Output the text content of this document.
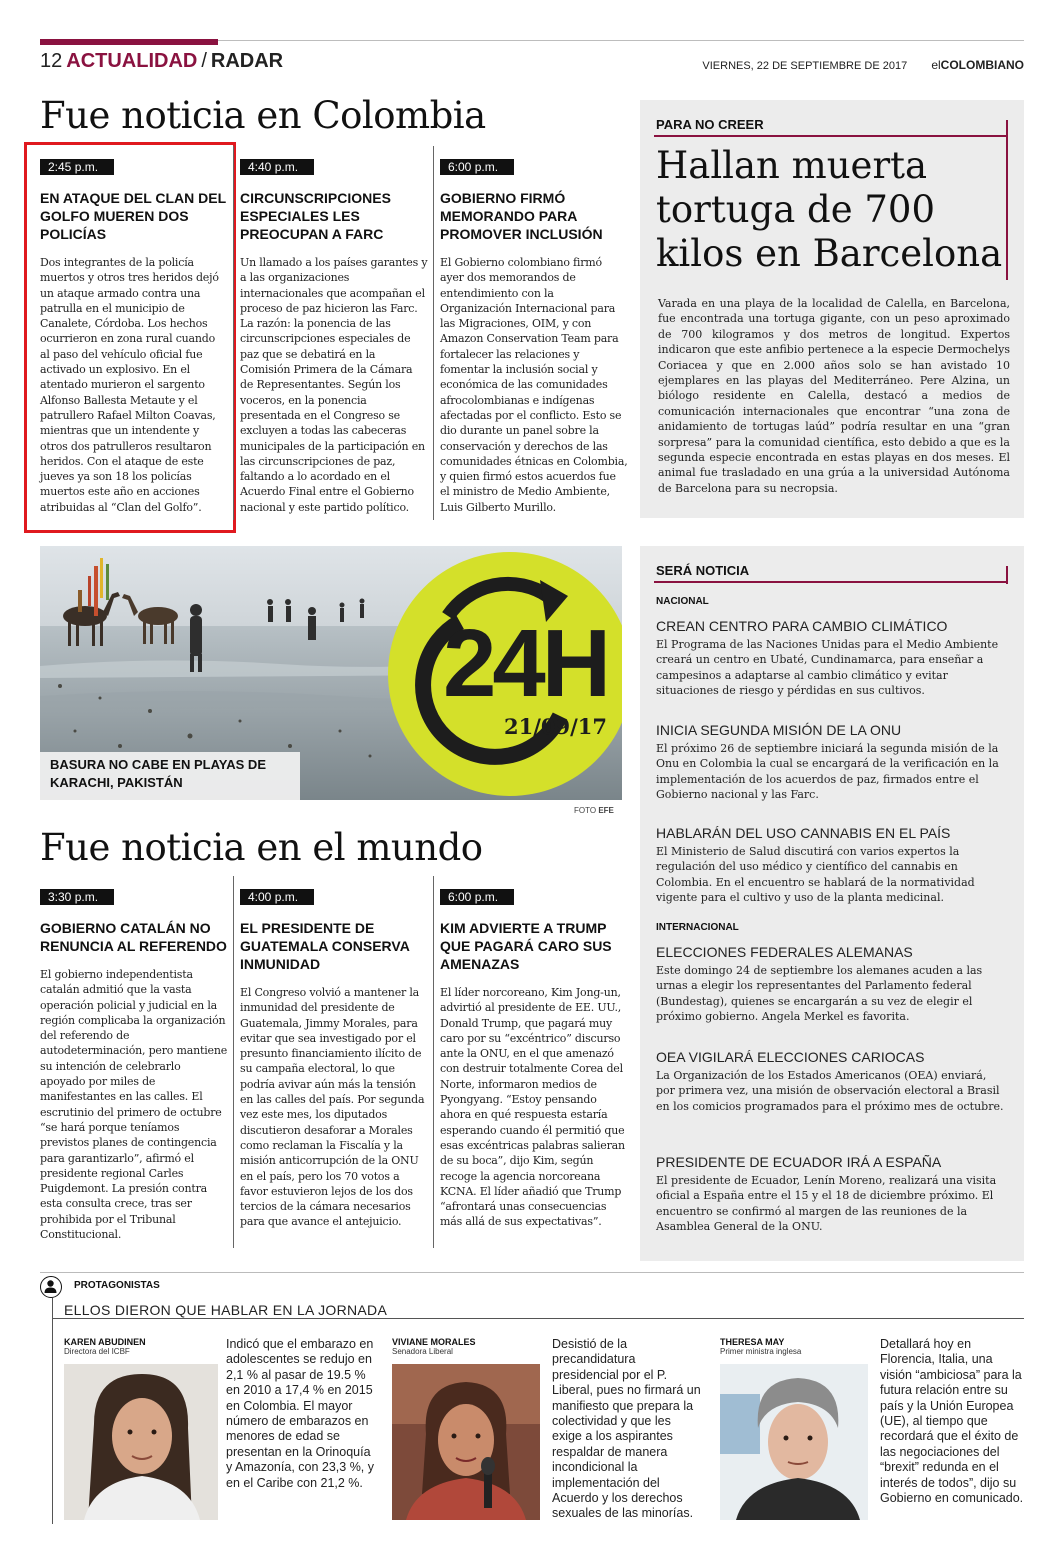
12 ACTUALIDAD / RADAR	VIERNES, 22 DE SEPTIEMBRE DE 2017 elCOLOMBIANO
Fue noticia en Colombia
2:45 p.m.
EN ATAQUE DEL CLAN DEL GOLFO MUEREN DOS POLICÍAS
Dos integrantes de la policía muertos y otros tres heridos dejó un ataque armado contra una patrulla en el municipio de Canalete, Córdoba. Los hechos ocurrieron en zona rural cuando al paso del vehículo oficial fue activado un explosivo. En el atentado murieron el sargento Alfonso Ballesta Metaute y el patrullero Rafael Milton Coavas, mientras que un intendente y otros dos patrulleros resultaron heridos. Con el ataque de este jueves ya son 18 los policías muertos este año en acciones atribuidas al “Clan del Golfo”.
4:40 p.m.
CIRCUNSCRIPCIONES ESPECIALES LES PREOCUPAN A FARC
Un llamado a los países garantes y a las organizaciones internacionales que acompañan el proceso de paz hicieron las Farc. La razón: la ponencia de las circunscripciones especiales de paz que se debatirá en la Comisión Primera de la Cámara de Representantes. Según los voceros, en la ponencia presentada en el Congreso se excluyen a todas las cabeceras municipales de la participación en las circunscripciones de paz, faltando a lo acordado en el Acuerdo Final entre el Gobierno nacional y este partido político.
6:00 p.m.
GOBIERNO FIRMÓ MEMORANDO PARA PROMOVER INCLUSIÓN
El Gobierno colombiano firmó ayer dos memorandos de entendimiento con la Organización Internacional para las Migraciones, OIM, y con Amazon Conservation Team para fortalecer las relaciones y fomentar la inclusión social y económica de las comunidades afrocolombianas e indígenas afectadas por el conflicto. Esto se dio durante un panel sobre la conservación y derechos de las comunidades étnicas en Colombia, y quien firmó estos acuerdos fue el ministro de Medio Ambiente, Luis Gilberto Murillo.
PARA NO CREER
Hallan muerta tortuga de 700 kilos en Barcelona
Varada en una playa de la localidad de Calella, en Barcelona, fue encontrada una tortuga gigante, con un peso aproximado de 700 kilogramos y dos metros de longitud. Expertos indicaron que este anfibio pertenece a la especie Dermochelys Coriacea y que en 2.000 años solo se han avistado 10 ejemplares en las playas del Mediterráneo. Pere Alzina, un biólogo residente en Calella, destacó a medios de comunicación internacionales que encontrar “una zona de anidamiento de tortugas laúd” podría resultar en una “gran sorpresa” para la comunidad científica, esto debido a que es la segunda especie encontrada en estas playas en dos meses. El animal fue trasladado en una grúa a la universidad Autónoma de Barcelona para su necropsia.
24H
21/09/17
BASURA NO CABE EN PLAYAS DE KARACHI, PAKISTÁN
FOTO EFE
SERÁ NOTICIA
NACIONAL
CREAN CENTRO PARA CAMBIO CLIMÁTICO
El Programa de las Naciones Unidas para el Medio Ambiente creará un centro en Ubaté, Cundinamarca, para enseñar a campesinos a adaptarse al cambio climático y evitar situaciones de riesgo y pérdidas en sus cultivos.
INICIA SEGUNDA MISIÓN DE LA ONU
El próximo 26 de septiembre iniciará la segunda misión de la Onu en Colombia la cual se encargará de la verificación en la implementación de los acuerdos de paz, firmados entre el Gobierno nacional y las Farc.
HABLARÁN DEL USO CANNABIS EN EL PAÍS
El Ministerio de Salud discutirá con varios expertos la regulación del uso médico y científico del cannabis en Colombia. En el encuentro se hablará de la normatividad vigente para el cultivo y uso de la planta medicinal.
INTERNACIONAL
ELECCIONES FEDERALES ALEMANAS
Este domingo 24 de septiembre los alemanes acuden a las urnas a elegir los representantes del Parlamento federal (Bundestag), quienes se encargarán a su vez de elegir el próximo gobierno. Angela Merkel es favorita.
OEA VIGILARÁ ELECCIONES CARIOCAS
La Organización de los Estados Americanos (OEA) enviará, por primera vez, una misión de observación electoral a Brasil en los comicios programados para el próximo mes de octubre.
PRESIDENTE DE ECUADOR IRÁ A ESPAÑA
El presidente de Ecuador, Lenín Moreno, realizará una visita oficial a España entre el 15 y el 18 de diciembre próximo. El encuentro se confirmó al margen de las reuniones de la Asamblea General de la ONU.
Fue noticia en el mundo
3:30 p.m.
GOBIERNO CATALÁN NO RENUNCIA AL REFERENDO
El gobierno independentista catalán admitió que la vasta operación policial y judicial en la región complicaba la organización del referendo de autodeterminación, pero mantiene su intención de celebrarlo apoyado por miles de manifestantes en las calles. El escrutinio del primero de octubre “se hará porque teníamos previstos planes de contingencia para garantizarlo”, afirmó el presidente regional Carles Puigdemont. La presión contra esta consulta crece, tras ser prohibida por el Tribunal Constitucional.
4:00 p.m.
EL PRESIDENTE DE GUATEMALA CONSERVA INMUNIDAD
El Congreso volvió a mantener la inmunidad del presidente de Guatemala, Jimmy Morales, para evitar que sea investigado por el presunto financiamiento ilícito de su campaña electoral, lo que podría avivar aún más la tensión en las calles del país. Por segunda vez este mes, los diputados discutieron desaforar a Morales como reclaman la Fiscalía y la misión anticorrupción de la ONU en el país, pero los 70 votos a favor estuvieron lejos de los dos tercios de la cámara necesarios para que avance el antejuicio.
6:00 p.m.
KIM ADVIERTE A TRUMP QUE PAGARÁ CARO SUS AMENAZAS
El líder norcoreano, Kim Jong-un, advirtió al presidente de EE. UU., Donald Trump, que pagará muy caro por su “excéntrico” discurso ante la ONU, en el que amenazó con destruir totalmente Corea del Norte, informaron medios de Pyongyang. “Estoy pensando ahora en qué respuesta estaría esperando cuando él permitió que esas excéntricas palabras salieran de su boca”, dijo Kim, según recoge la agencia norcoreana KCNA. El líder añadió que Trump “afrontará unas consecuencias más allá de sus expectativas”.
PROTAGONISTAS
ELLOS DIERON QUE HABLAR EN LA JORNADA
KAREN ABUDINEN
Directora del ICBF
Indicó que el embarazo en adolescentes se redujo en 2,1 % al pasar de 19.5 % en 2010 a 17,4 % en 2015 en Colombia. El mayor número de embarazos en menores de edad se presentan en la Orinoquía y Amazonía, con 23,3 %, y en el Caribe con 21,2 %.
VIVIANE MORALES
Senadora Liberal
Desistió de la precandidatura presidencial por el P. Liberal, pues no firmará un manifiesto que prepara la colectividad y que les exige a los aspirantes respaldar de manera incondicional la implementación del Acuerdo y los derechos sexuales de las minorías.
THERESA MAY
Primer ministra inglesa
Detallará hoy en Florencia, Italia, una visión “ambiciosa” para la futura relación entre su país y la Unión Europea (UE), al tiempo que recordará que el éxito de las negociaciones del “brexit” redunda en el interés de todos”, dijo su Gobierno en comunicado.
